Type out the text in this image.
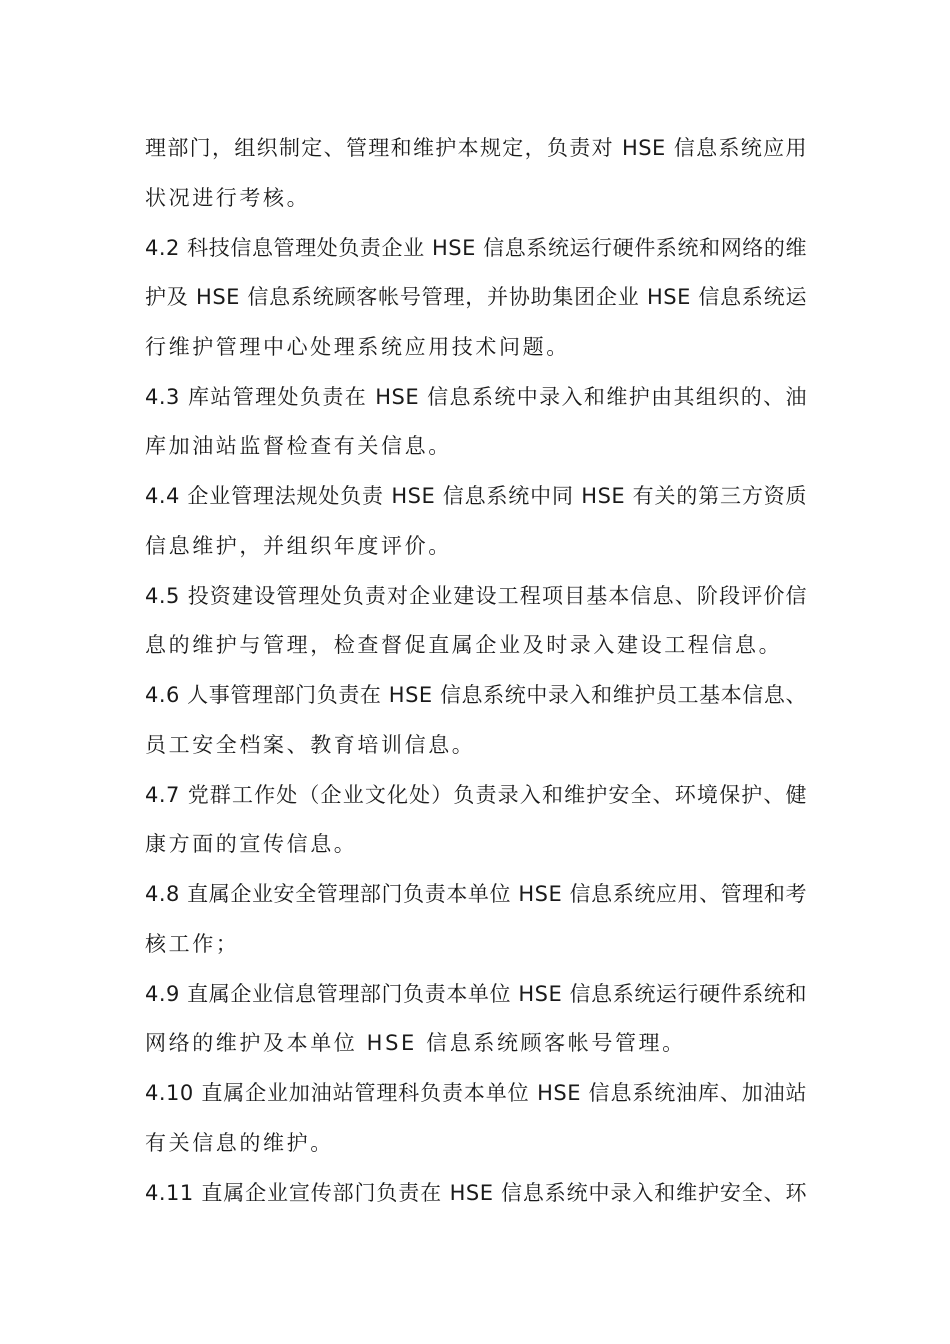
理部门，组织制定、管理和维护本规定，负责对 HSE 信息系统应用
状况进行考核。
4.2 科技信息管理处负责企业 HSE 信息系统运行硬件系统和网络的维
护及 HSE 信息系统顾客帐号管理，并协助集团企业 HSE 信息系统运
行维护管理中心处理系统应用技术问题。
4.3 库站管理处负责在 HSE 信息系统中录入和维护由其组织的、油
库加油站监督检查有关信息。
4.4 企业管理法规处负责 HSE 信息系统中同 HSE 有关的第三方资质
信息维护，并组织年度评价。
4.5 投资建设管理处负责对企业建设工程项目基本信息、阶段评价信
息的维护与管理，检查督促直属企业及时录入建设工程信息。
4.6 人事管理部门负责在 HSE 信息系统中录入和维护员工基本信息、
员工安全档案、教育培训信息。
4.7 党群工作处（企业文化处）负责录入和维护安全、环境保护、健
康方面的宣传信息。
4.8 直属企业安全管理部门负责本单位 HSE 信息系统应用、管理和考
核工作；
4.9 直属企业信息管理部门负责本单位 HSE 信息系统运行硬件系统和
网络的维护及本单位 HSE 信息系统顾客帐号管理。
4.10 直属企业加油站管理科负责本单位 HSE 信息系统油库、加油站
有关信息的维护。
4.11 直属企业宣传部门负责在 HSE 信息系统中录入和维护安全、环
